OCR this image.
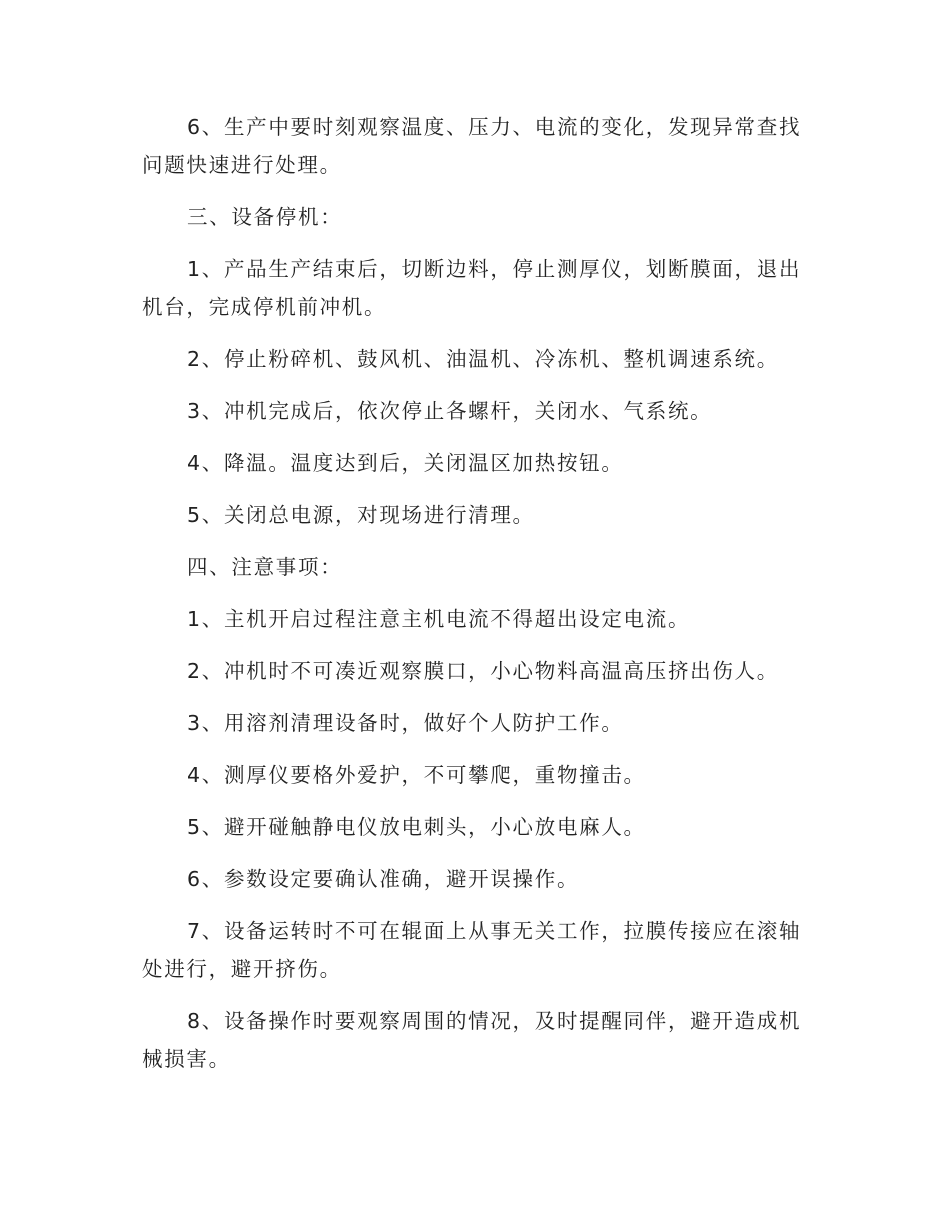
6、生产中要时刻观察温度、压力、电流的变化，发现异常查找问题快速进行处理。

三、设备停机：

1、产品生产结束后，切断边料，停止测厚仪，划断膜面，退出机台，完成停机前冲机。

2、停止粉碎机、鼓风机、油温机、冷冻机、整机调速系统。

3、冲机完成后，依次停止各螺杆，关闭水、气系统。

4、降温。温度达到后，关闭温区加热按钮。

5、关闭总电源，对现场进行清理。

四、注意事项：

1、主机开启过程注意主机电流不得超出设定电流。

2、冲机时不可凑近观察膜口，小心物料高温高压挤出伤人。

3、用溶剂清理设备时，做好个人防护工作。

4、测厚仪要格外爱护，不可攀爬，重物撞击。

5、避开碰触静电仪放电刺头，小心放电麻人。

6、参数设定要确认准确，避开误操作。

7、设备运转时不可在辊面上从事无关工作，拉膜传接应在滚轴处进行，避开挤伤。

8、设备操作时要观察周围的情况，及时提醒同伴，避开造成机械损害。
